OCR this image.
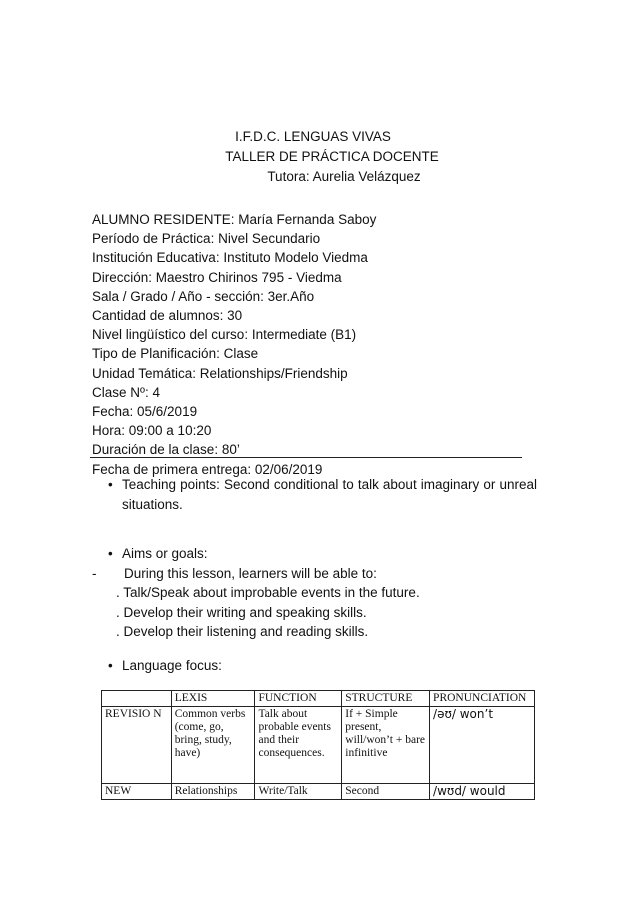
I.F.D.C. LENGUAS VIVAS
TALLER DE PRÁCTICA DOCENTE
Tutora: Aurelia Velázquez
ALUMNO RESIDENTE: María Fernanda Saboy
Período de Práctica: Nivel Secundario
Institución Educativa: Instituto Modelo Viedma
Dirección: Maestro Chirinos 795 - Viedma
Sala / Grado / Año - sección: 3er.Año
Cantidad de alumnos: 30
Nivel lingüístico del curso: Intermediate (B1)
Tipo de Planificación: Clase
Unidad Temática: Relationships/Friendship
Clase Nº: 4
Fecha: 05/6/2019
Hora: 09:00 a 10:20
Duración de la clase: 80’
Fecha de primera entrega: 02/06/2019
• Teaching points: Second conditional to talk about imaginary or unreal situations.
• Aims or goals:
-	During this lesson, learners will be able to:
. Talk/Speak about improbable events in the future.
. Develop their writing and speaking skills.
. Develop their listening and reading skills.
• Language focus:
	LEXIS	FUNCTION	STRUCTURE	PRONUNCIATION
REVISIO N	Common verbs (come, go, bring, study, have)	Talk about probable events and their consequences.	If + Simple present, will/won’t + bare infinitive	/əʊ/ won’t
NEW	Relationships	Write/Talk	Second	/wʊd/ would
